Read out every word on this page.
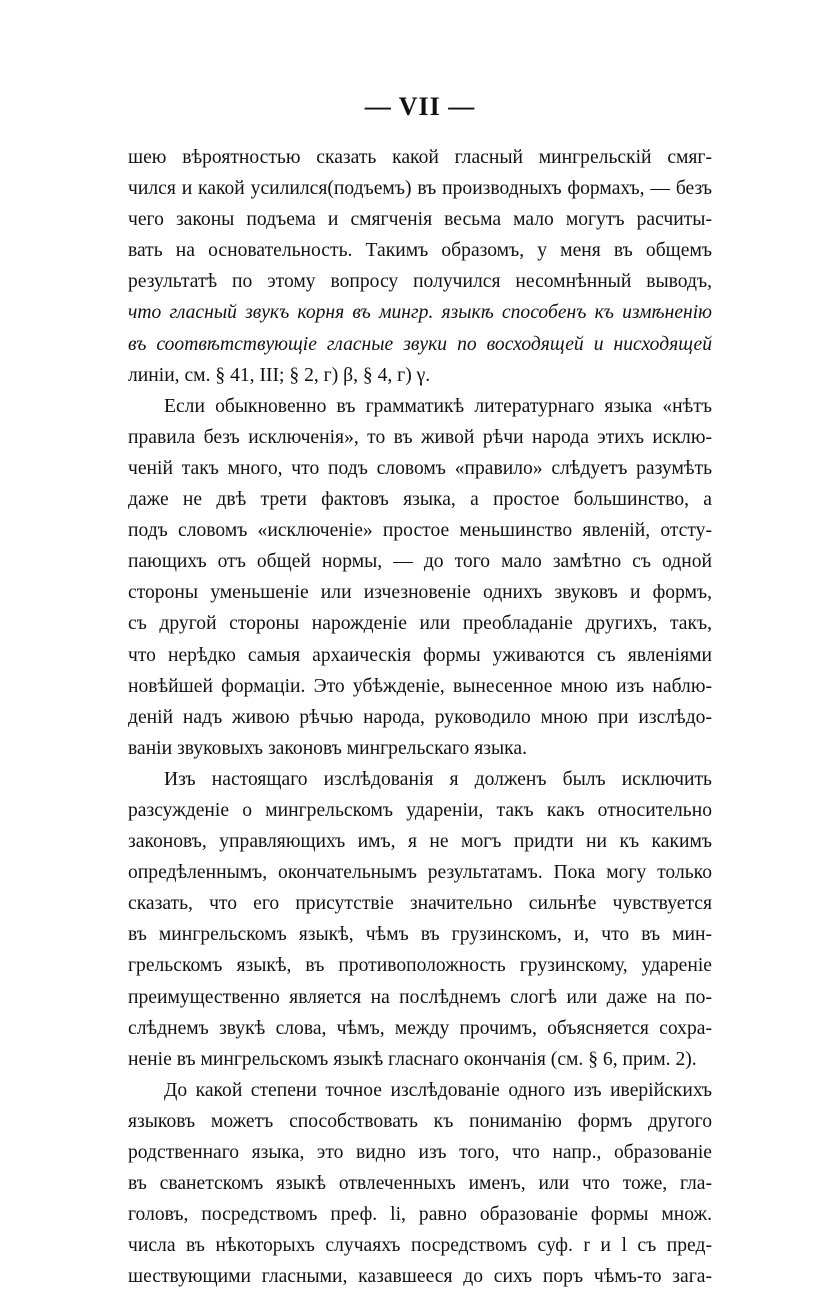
— VII —
шею вѣроятностью сказать какой гласный мингрельскій смяг-
чился и какой усилился(подъемъ) въ производныхъ формахъ, — безъ
чего законы подъема и смягченія весьма мало могутъ расчиты-
вать на основательность. Такимъ образомъ, у меня въ общемъ
результатѣ по этому вопросу получился несомнѣнный выводъ,
что гласный звукъ корня въ мингр. языкѣ способенъ къ измѣненію
въ соотвѣтствующіе гласные звуки по восходящей и нисходящей
линіи, см. § 41, III; § 2, г) β, § 4, г) γ.
Если обыкновенно въ грамматикѣ литературнаго языка «нѣтъ
правила безъ исключенія», то въ живой рѣчи народа этихъ исклю-
ченій такъ много, что подъ словомъ «правило» слѣдуетъ разумѣть
даже не двѣ трети фактовъ языка, а простое большинство, а
подъ словомъ «исключеніе» простое меньшинство явленій, отсту-
пающихъ отъ общей нормы, — до того мало замѣтно съ одной
стороны уменьшеніе или изчезновеніе однихъ звуковъ и формъ,
съ другой стороны нарожденіе или преобладаніе другихъ, такъ,
что нерѣдко самыя архаическія формы уживаются съ явленіями
новѣйшей формаціи. Это убѣжденіе, вынесенное мною изъ наблю-
деній надъ живою рѣчью народа, руководило мною при изслѣдо-
ваніи звуковыхъ законовъ мингрельскаго языка.
Изъ настоящаго изслѣдованія я долженъ былъ исключить
разсужденіе о мингрельскомъ удареніи, такъ какъ относительно
законовъ, управляющихъ имъ, я не могъ придти ни къ какимъ
опредѣленнымъ, окончательнымъ результатамъ. Пока могу только
сказать, что его присутствіе значительно сильнѣе чувствуется
въ мингрельскомъ языкѣ, чѣмъ въ грузинскомъ, и, что въ мин-
грельскомъ языкѣ, въ противоположность грузинскому, удареніе
преимущественно является на послѣднемъ слогѣ или даже на по-
слѣднемъ звукѣ слова, чѣмъ, между прочимъ, объясняется сохра-
неніе въ мингрельскомъ языкѣ гласнаго окончанія (см. § 6, прим. 2).
До какой степени точное изслѣдованіе одного изъ иверійскихъ
языковъ можетъ способствовать къ пониманію формъ другого
родственнаго языка, это видно изъ того, что напр., образованіе
въ сванетскомъ языкѣ отвлеченныхъ именъ, или что тоже, гла-
головъ, посредствомъ преф. li, равно образованіе формы множ.
числа въ нѣкоторыхъ случаяхъ посредствомъ суф. r и l съ пред-
шествующими гласными, казавшееся до сихъ поръ чѣмъ-то зага-
